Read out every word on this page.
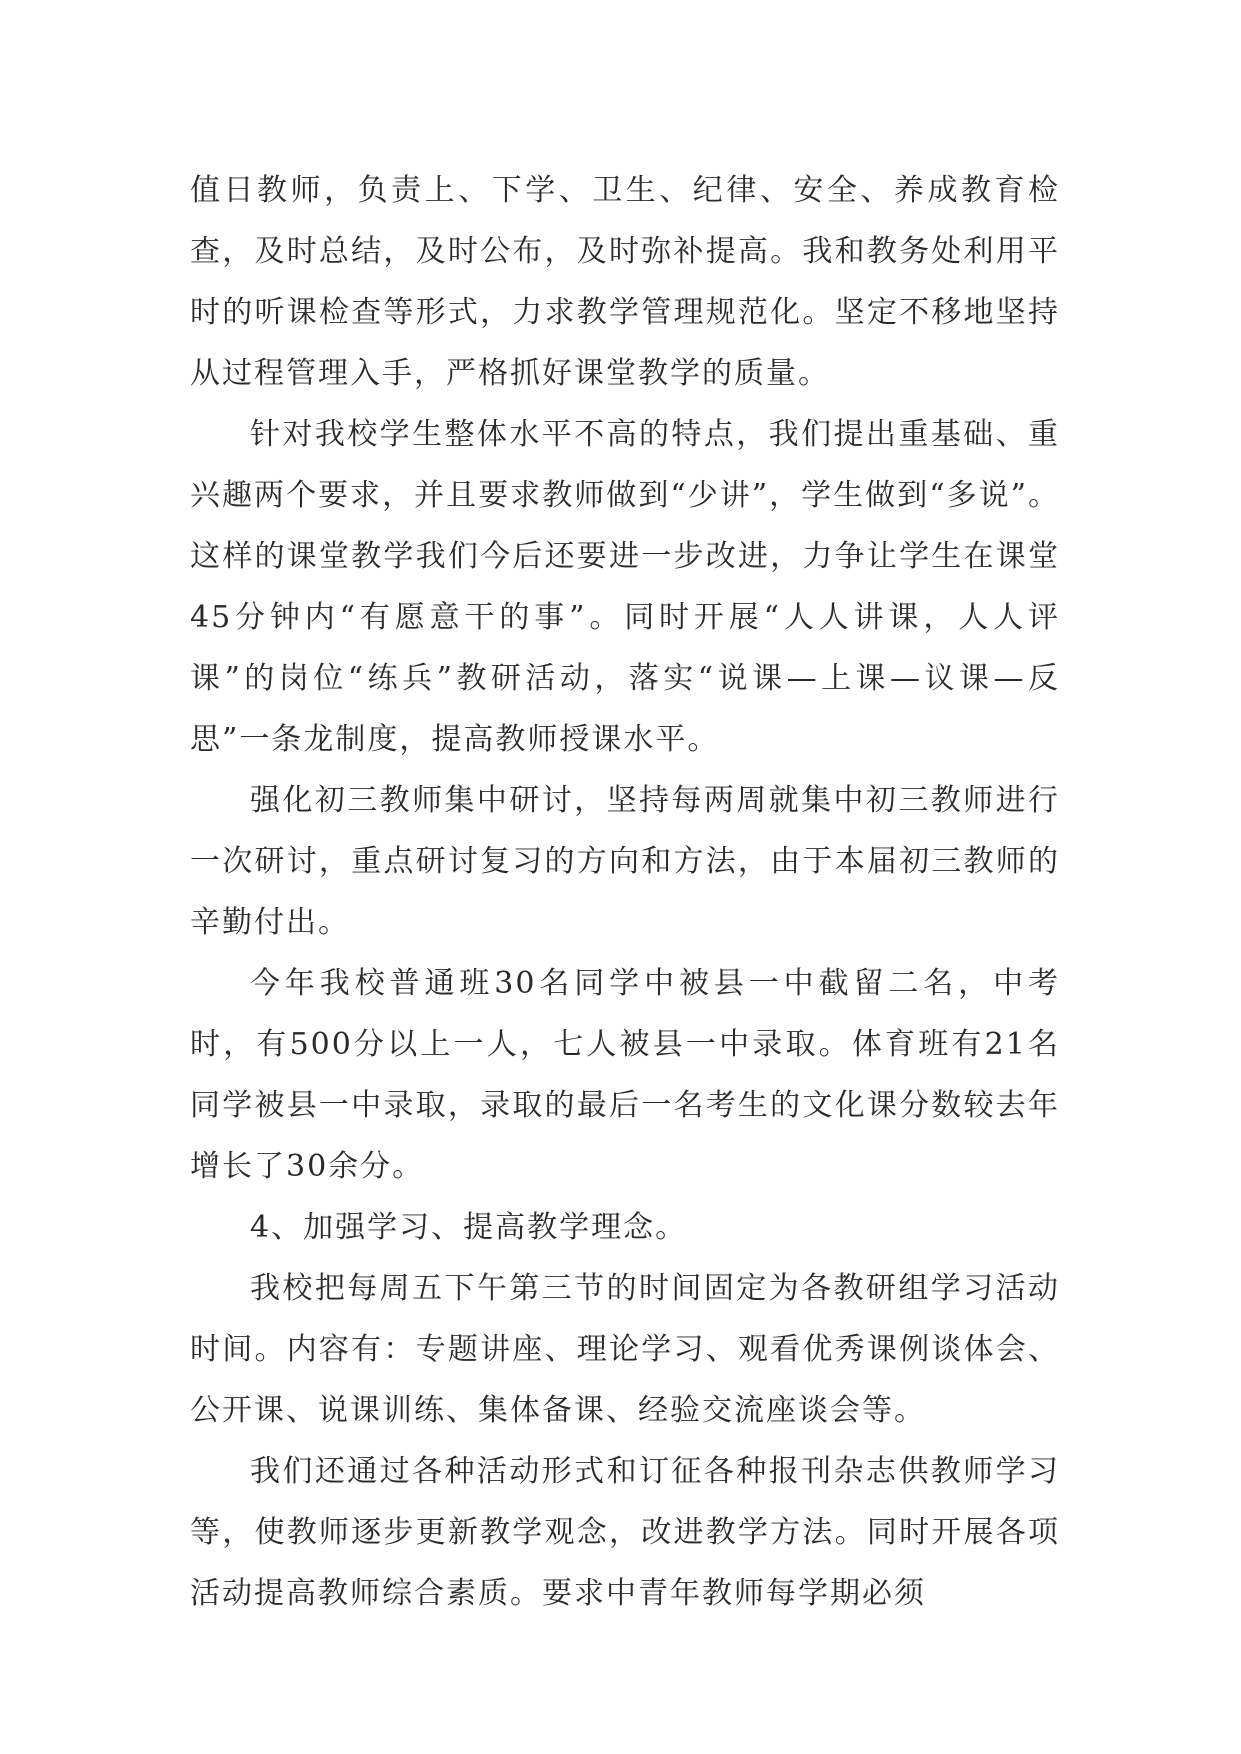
值日教师，负责上、下学、卫生、纪律、安全、养成教育检查，及时总结，及时公布，及时弥补提高。我和教务处利用平时的听课检查等形式，力求教学管理规范化。坚定不移地坚持从过程管理入手，严格抓好课堂教学的质量。

针对我校学生整体水平不高的特点，我们提出重基础、重兴趣两个要求，并且要求教师做到“少讲”，学生做到“多说”。这样的课堂教学我们今后还要进一步改进，力争让学生在课堂45分钟内“有愿意干的事”。同时开展“人人讲课，人人评课”的岗位“练兵”教研活动，落实“说课—上课—议课—反思”一条龙制度，提高教师授课水平。

强化初三教师集中研讨，坚持每两周就集中初三教师进行一次研讨，重点研讨复习的方向和方法，由于本届初三教师的辛勤付出。

今年我校普通班30名同学中被县一中截留二名，中考时，有500分以上一人，七人被县一中录取。体育班有21名同学被县一中录取，录取的最后一名考生的文化课分数较去年增长了30余分。

4、加强学习、提高教学理念。

我校把每周五下午第三节的时间固定为各教研组学习活动时间。内容有：专题讲座、理论学习、观看优秀课例谈体会、公开课、说课训练、集体备课、经验交流座谈会等。

我们还通过各种活动形式和订征各种报刊杂志供教师学习等，使教师逐步更新教学观念，改进教学方法。同时开展各项活动提高教师综合素质。要求中青年教师每学期必须
